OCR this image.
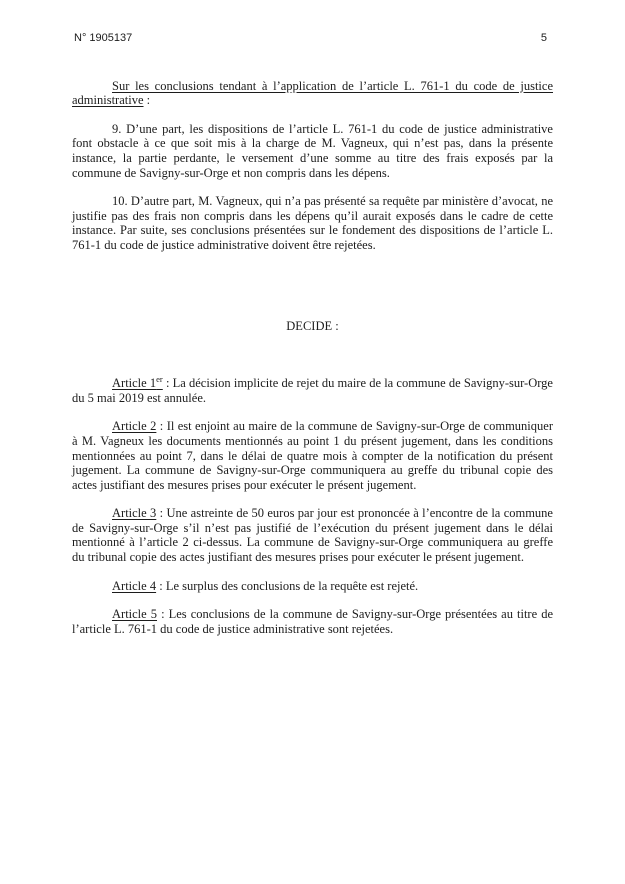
N° 1905137	5

Sur les conclusions tendant à l’application de l’article L. 761-1 du code de justice administrative :

9. D’une part, les dispositions de l’article L. 761-1 du code de justice administrative font obstacle à ce que soit mis à la charge de M. Vagneux, qui n’est pas, dans la présente instance, la partie perdante, le versement d’une somme au titre des frais exposés par la commune de Savigny-sur-Orge et non compris dans les dépens.

10. D’autre part, M. Vagneux, qui n’a pas présenté sa requête par ministère d’avocat, ne justifie pas des frais non compris dans les dépens qu’il aurait exposés dans le cadre de cette instance. Par suite, ses conclusions présentées sur le fondement des dispositions de l’article L. 761-1 du code de justice administrative doivent être rejetées.

DECIDE :

Article 1er : La décision implicite de rejet du maire de la commune de Savigny-sur-Orge du 5 mai 2019 est annulée.

Article 2 : Il est enjoint au maire de la commune de Savigny-sur-Orge de communiquer à M. Vagneux les documents mentionnés au point 1 du présent jugement, dans les conditions mentionnées au point 7, dans le délai de quatre mois à compter de la notification du présent jugement. La commune de Savigny-sur-Orge communiquera au greffe du tribunal copie des actes justifiant des mesures prises pour exécuter le présent jugement.

Article 3 : Une astreinte de 50 euros par jour est prononcée à l’encontre de la commune de Savigny-sur-Orge s’il n’est pas justifié de l’exécution du présent jugement dans le délai mentionné à l’article 2 ci-dessus. La commune de Savigny-sur-Orge communiquera au greffe du tribunal copie des actes justifiant des mesures prises pour exécuter le présent jugement.

Article 4 : Le surplus des conclusions de la requête est rejeté.

Article 5 : Les conclusions de la commune de Savigny-sur-Orge présentées au titre de l’article L. 761-1 du code de justice administrative sont rejetées.
